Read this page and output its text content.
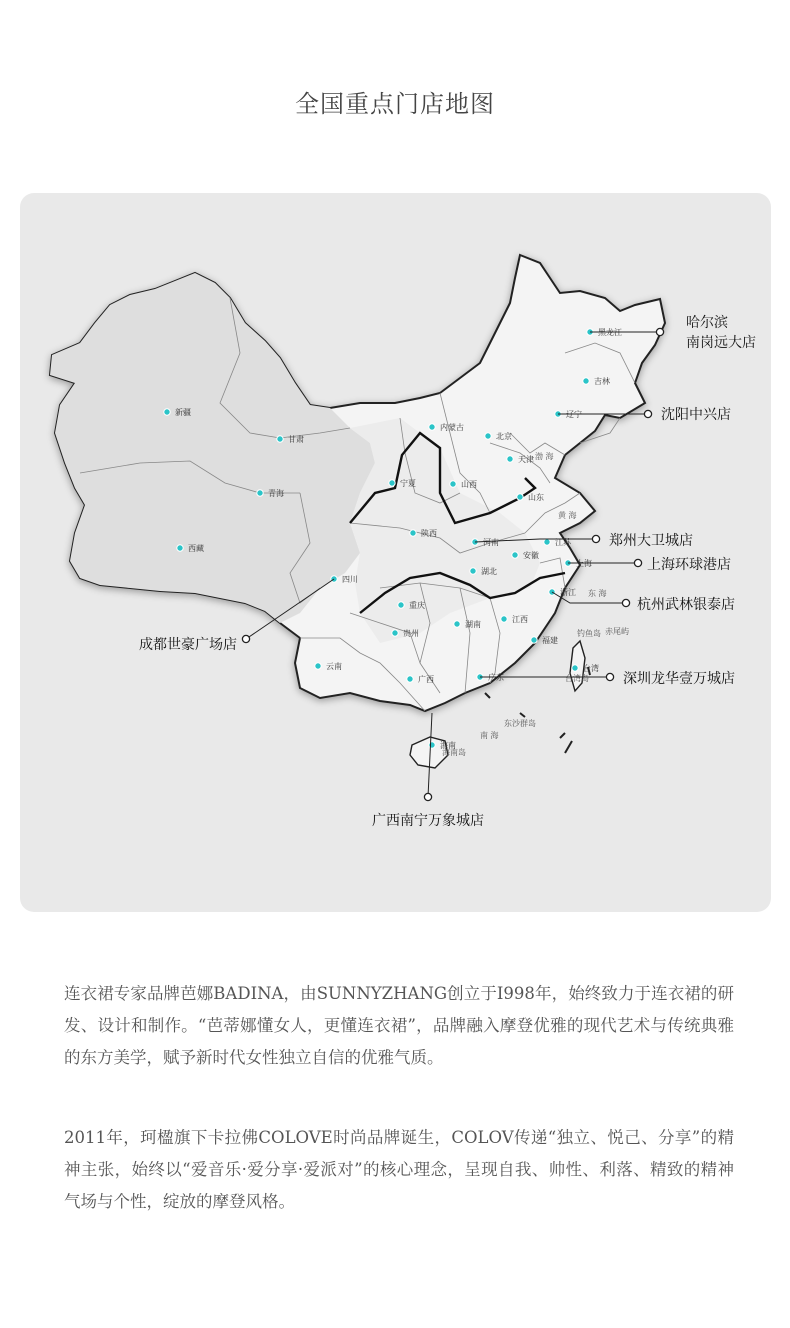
全国重点门店地图
黑龙江
吉林
辽宁
新疆
甘肃
内蒙古
北京
天津
青海
宁夏	山西
山东
西藏
陕西
河南	江苏
上海
四川
湖北
安徽
浙江
重庆
贵州
湖南
江西
福建
云南
广西	广东
台湾
海南
渤 海
黄 海
东 海
南 海
钓鱼岛 赤尾屿
东沙群岛
海南岛
台湾岛
哈尔滨
南岗远大店
沈阳中兴店
郑州大卫城店
上海环球港店
杭州武林银泰店
成都世豪广场店
深圳龙华壹万城店
广西南宁万象城店

连衣裙专家品牌芭娜BADINA，由SUNNYZHANG创立于I998年，始终致力于连衣裙的研发、设计和制作。“芭蒂娜懂女人，更懂连衣裙”，品牌融入摩登优雅的现代艺术与传统典雅的东方美学，赋予新时代女性独立自信的优雅气质。

2011年，珂楹旗下卡拉佛COLOVE时尚品牌诞生，COLOV传递“独立、悦己、分享”的精神主张，始终以“爱音乐·爱分享·爱派对”的核心理念，呈现自我、帅性、利落、精致的精神气场与个性，绽放的摩登风格。
